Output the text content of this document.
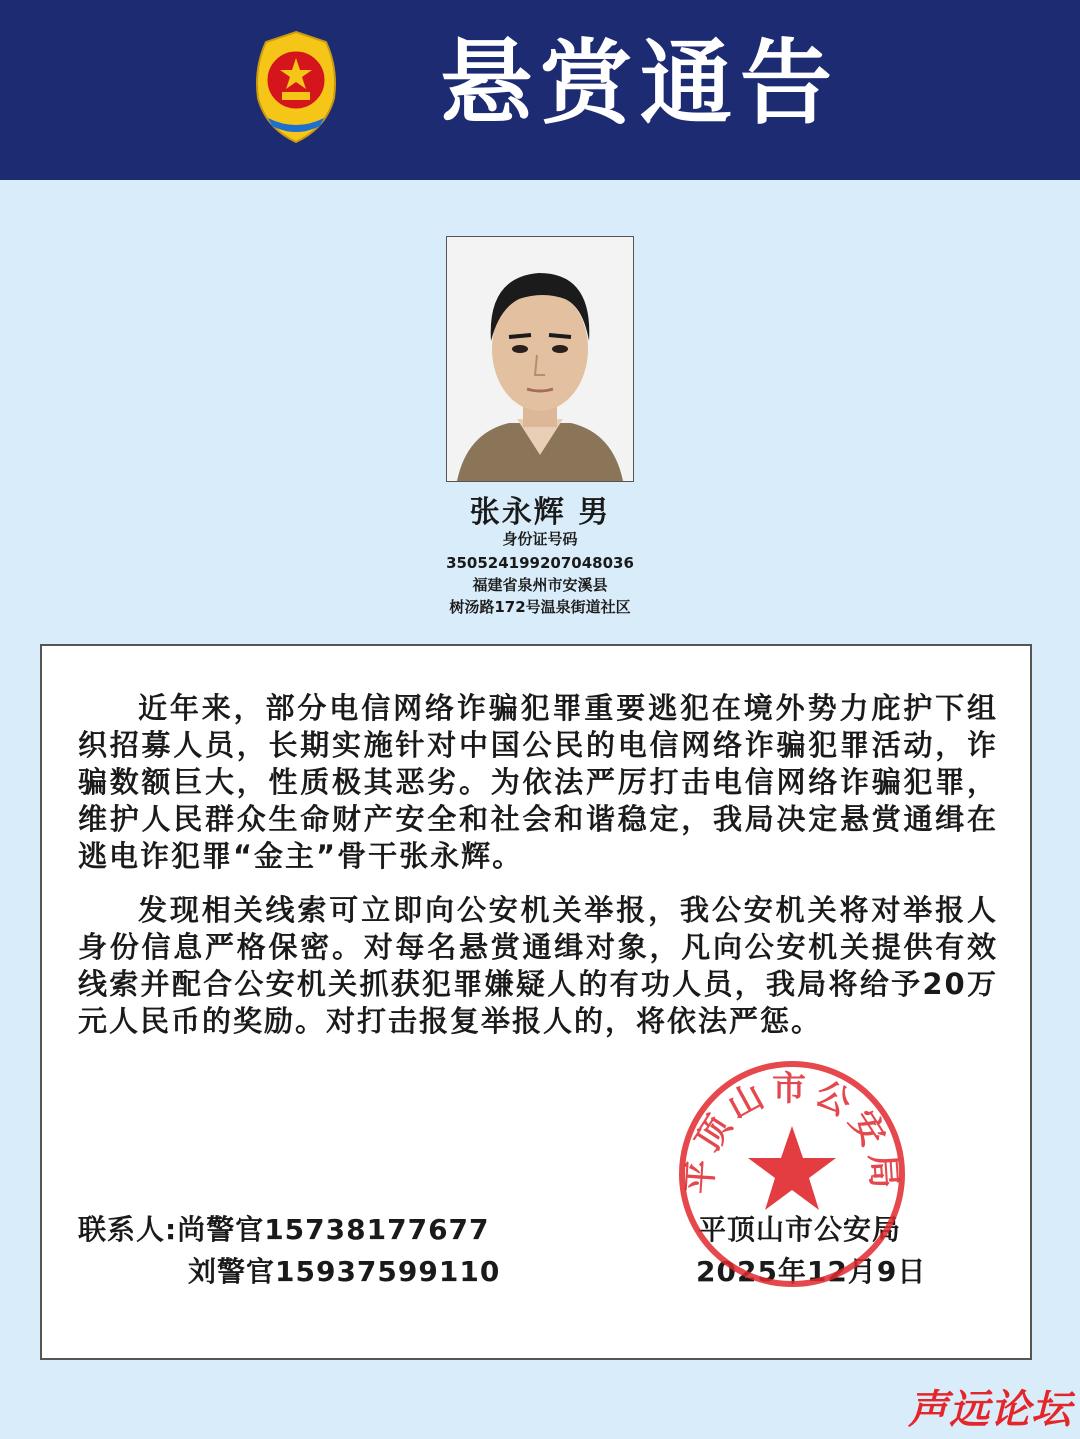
悬赏通告
张永辉 男
身份证号码
350524199207048036
福建省泉州市安溪县
树汤路172号温泉街道社区

近年来，部分电信网络诈骗犯罪重要逃犯在境外势力庇护下组织招募人员，长期实施针对中国公民的电信网络诈骗犯罪活动，诈骗数额巨大，性质极其恶劣。为依法严厉打击电信网络诈骗犯罪，维护人民群众生命财产安全和社会和谐稳定，我局决定悬赏通缉在逃电诈犯罪“金主”骨干张永辉。

发现相关线索可立即向公安机关举报，我公安机关将对举报人身份信息严格保密。对每名悬赏通缉对象，凡向公安机关提供有效线索并配合公安机关抓获犯罪嫌疑人的有功人员，我局将给予20万元人民币的奖励。对打击报复举报人的，将依法严惩。

联系人:尚警官15738177677
刘警官15937599110
平顶山市公安局
2025年12月9日
平顶山市公安局
声远论坛
